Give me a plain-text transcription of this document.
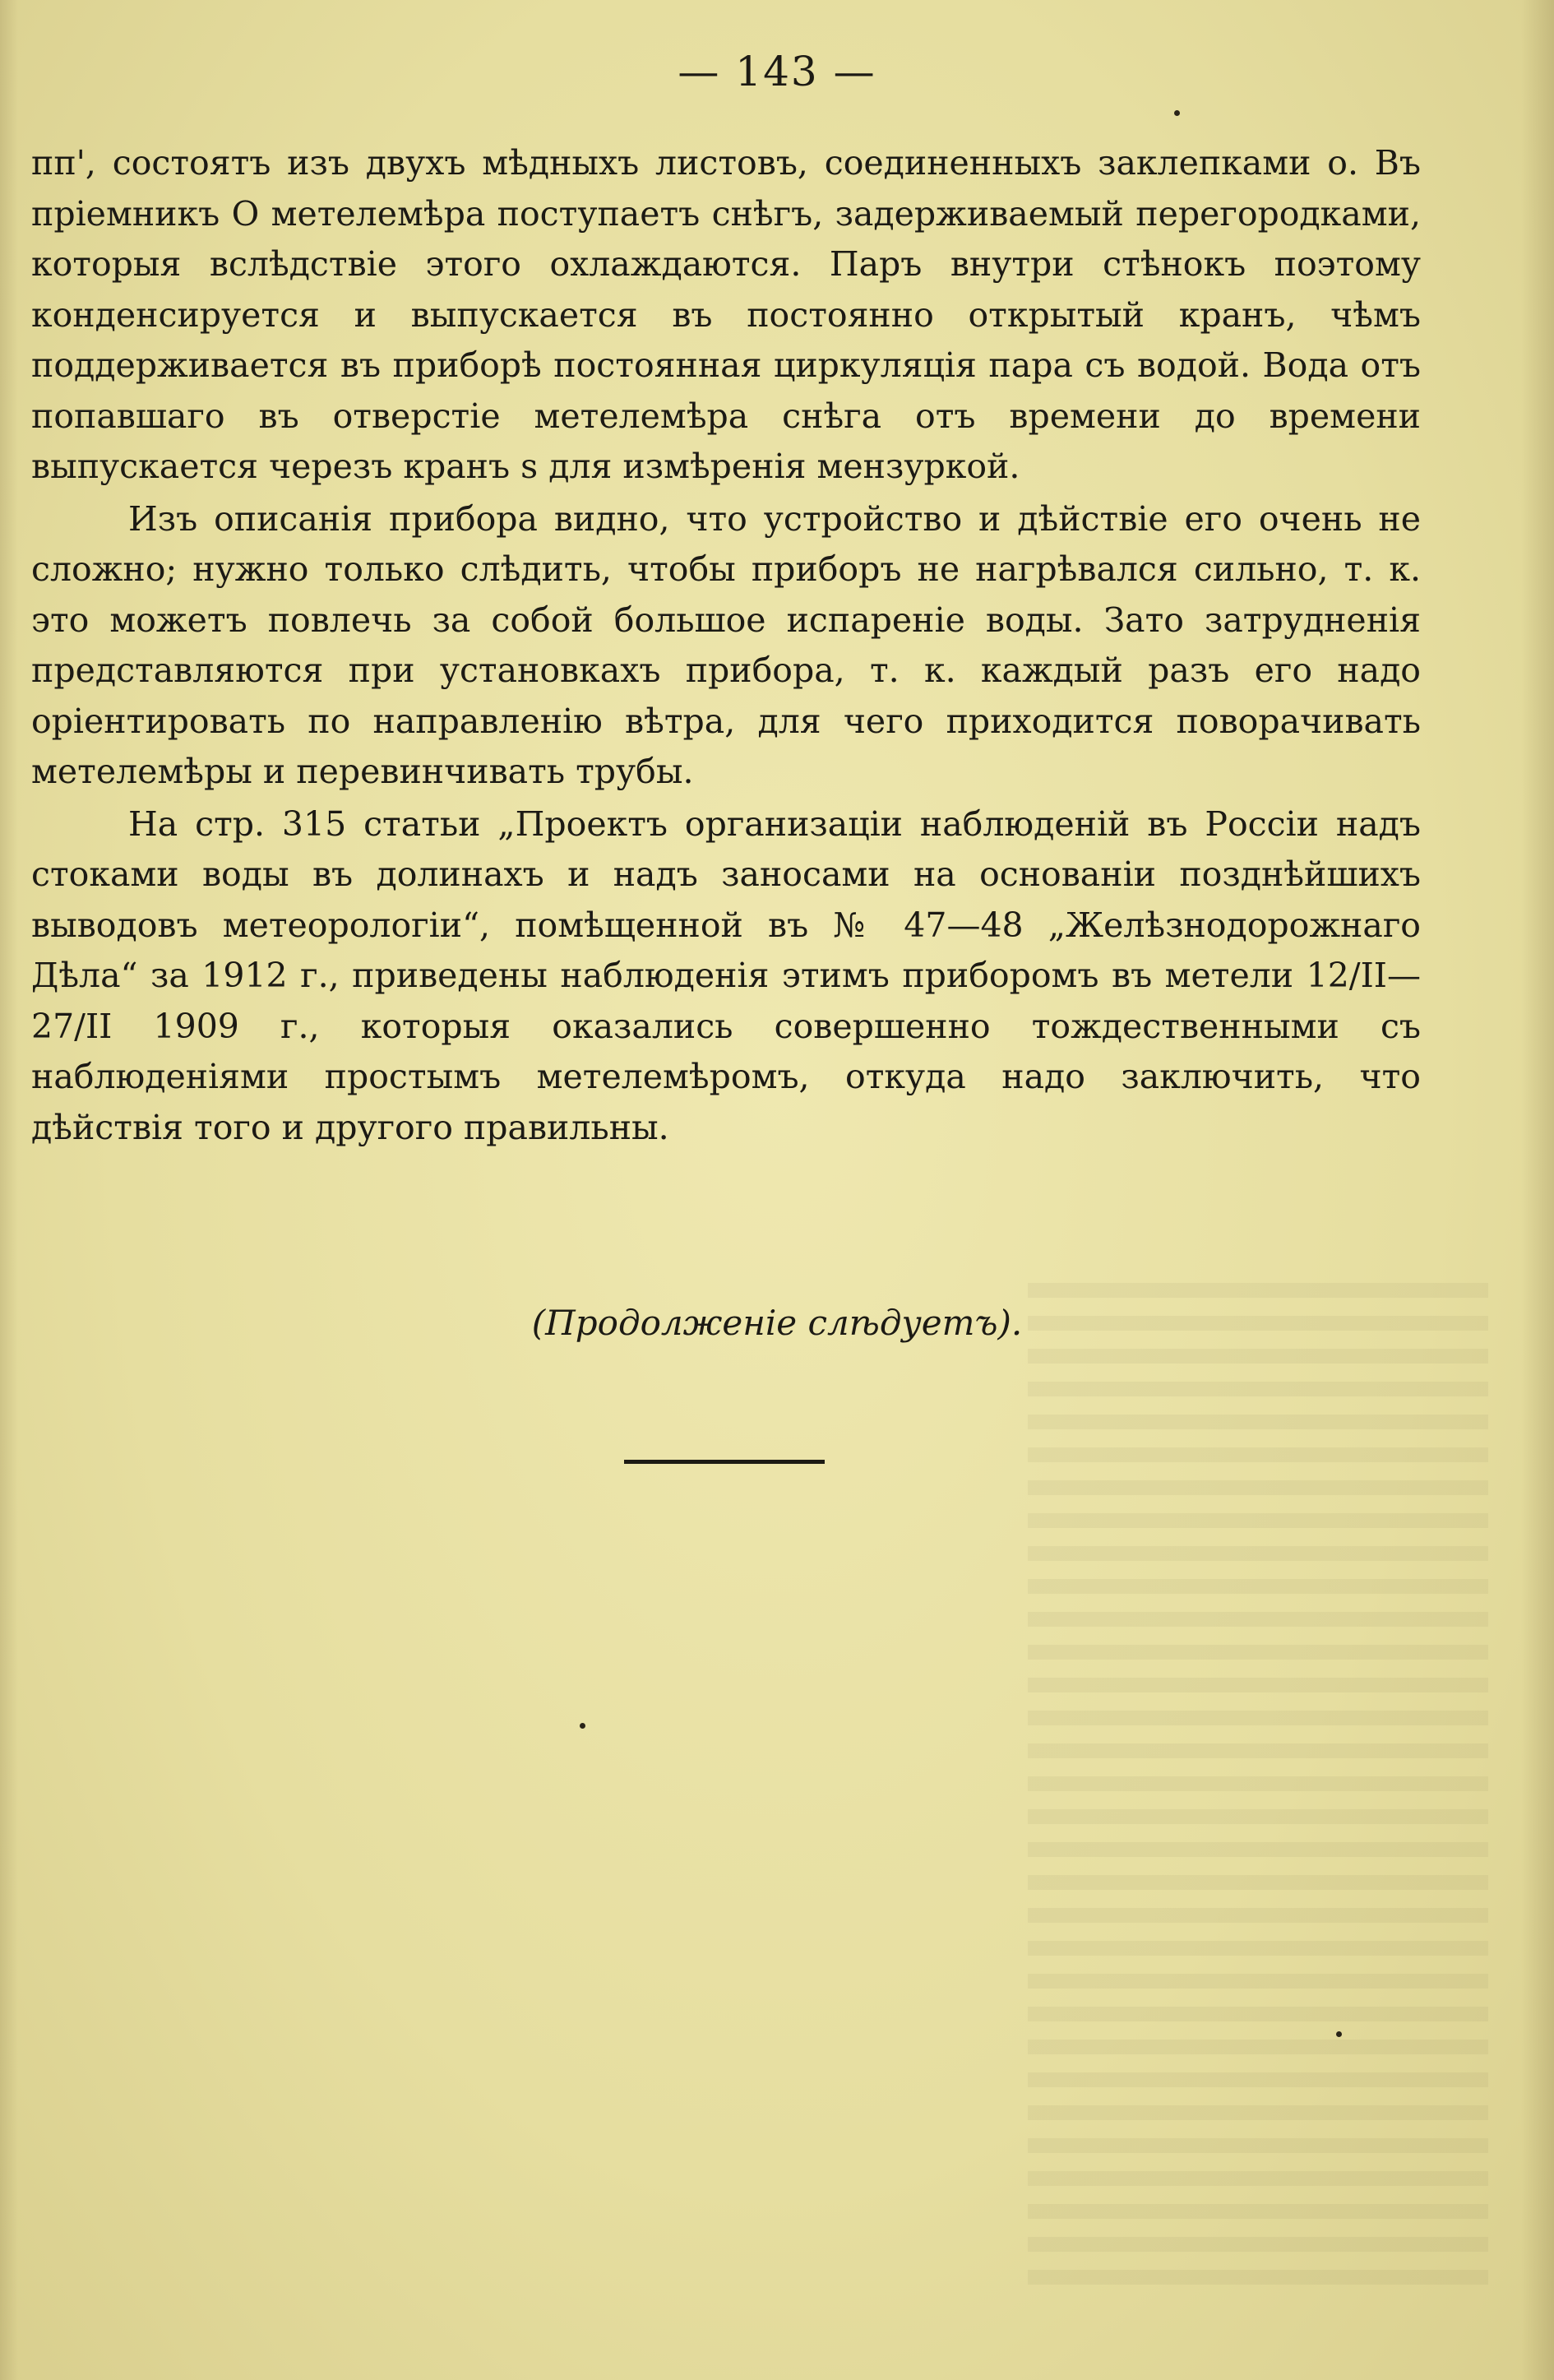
— 143 —

пп', состоятъ изъ двухъ мѣдныхъ листовъ, соединенныхъ заклепками о. Въ пріемникъ О метелемѣра поступаетъ снѣгъ, задерживаемый перегородками, которыя вслѣдствіе этого охлаждаются. Паръ внутри стѣнокъ поэтому конденсируется и выпускается въ постоянно открытый кранъ, чѣмъ поддерживается въ приборѣ постоянная циркуляція пара съ водой. Вода отъ попавшаго въ отверстіе метелемѣра снѣга отъ времени до времени выпускается черезъ кранъ s для измѣренія мензуркой.

Изъ описанія прибора видно, что устройство и дѣйствіе его очень не сложно; нужно только слѣдить, чтобы приборъ не нагрѣвался сильно, т. к. это можетъ повлечь за собой большое испареніе воды. Зато затрудненія представляются при установкахъ прибора, т. к. каждый разъ его надо оріентировать по направленію вѣтра, для чего приходится поворачивать метелемѣры и перевинчивать трубы.

На стр. 315 статьи „Проектъ организаціи наблюденій въ Россіи надъ стоками воды въ долинахъ и надъ заносами на основаніи позднѣйшихъ выводовъ метеорологіи“, помѣщенной въ № 47—48 „Желѣзнодорожнаго Дѣла“ за 1912 г., приведены наблюденія этимъ приборомъ въ метели 12/II—27/II 1909 г., которыя оказались совершенно тождественными съ наблюденіями простымъ метелемѣромъ, откуда надо заключить, что дѣйствія того и другого правильны.

(Продолженіе слѣдуетъ).
